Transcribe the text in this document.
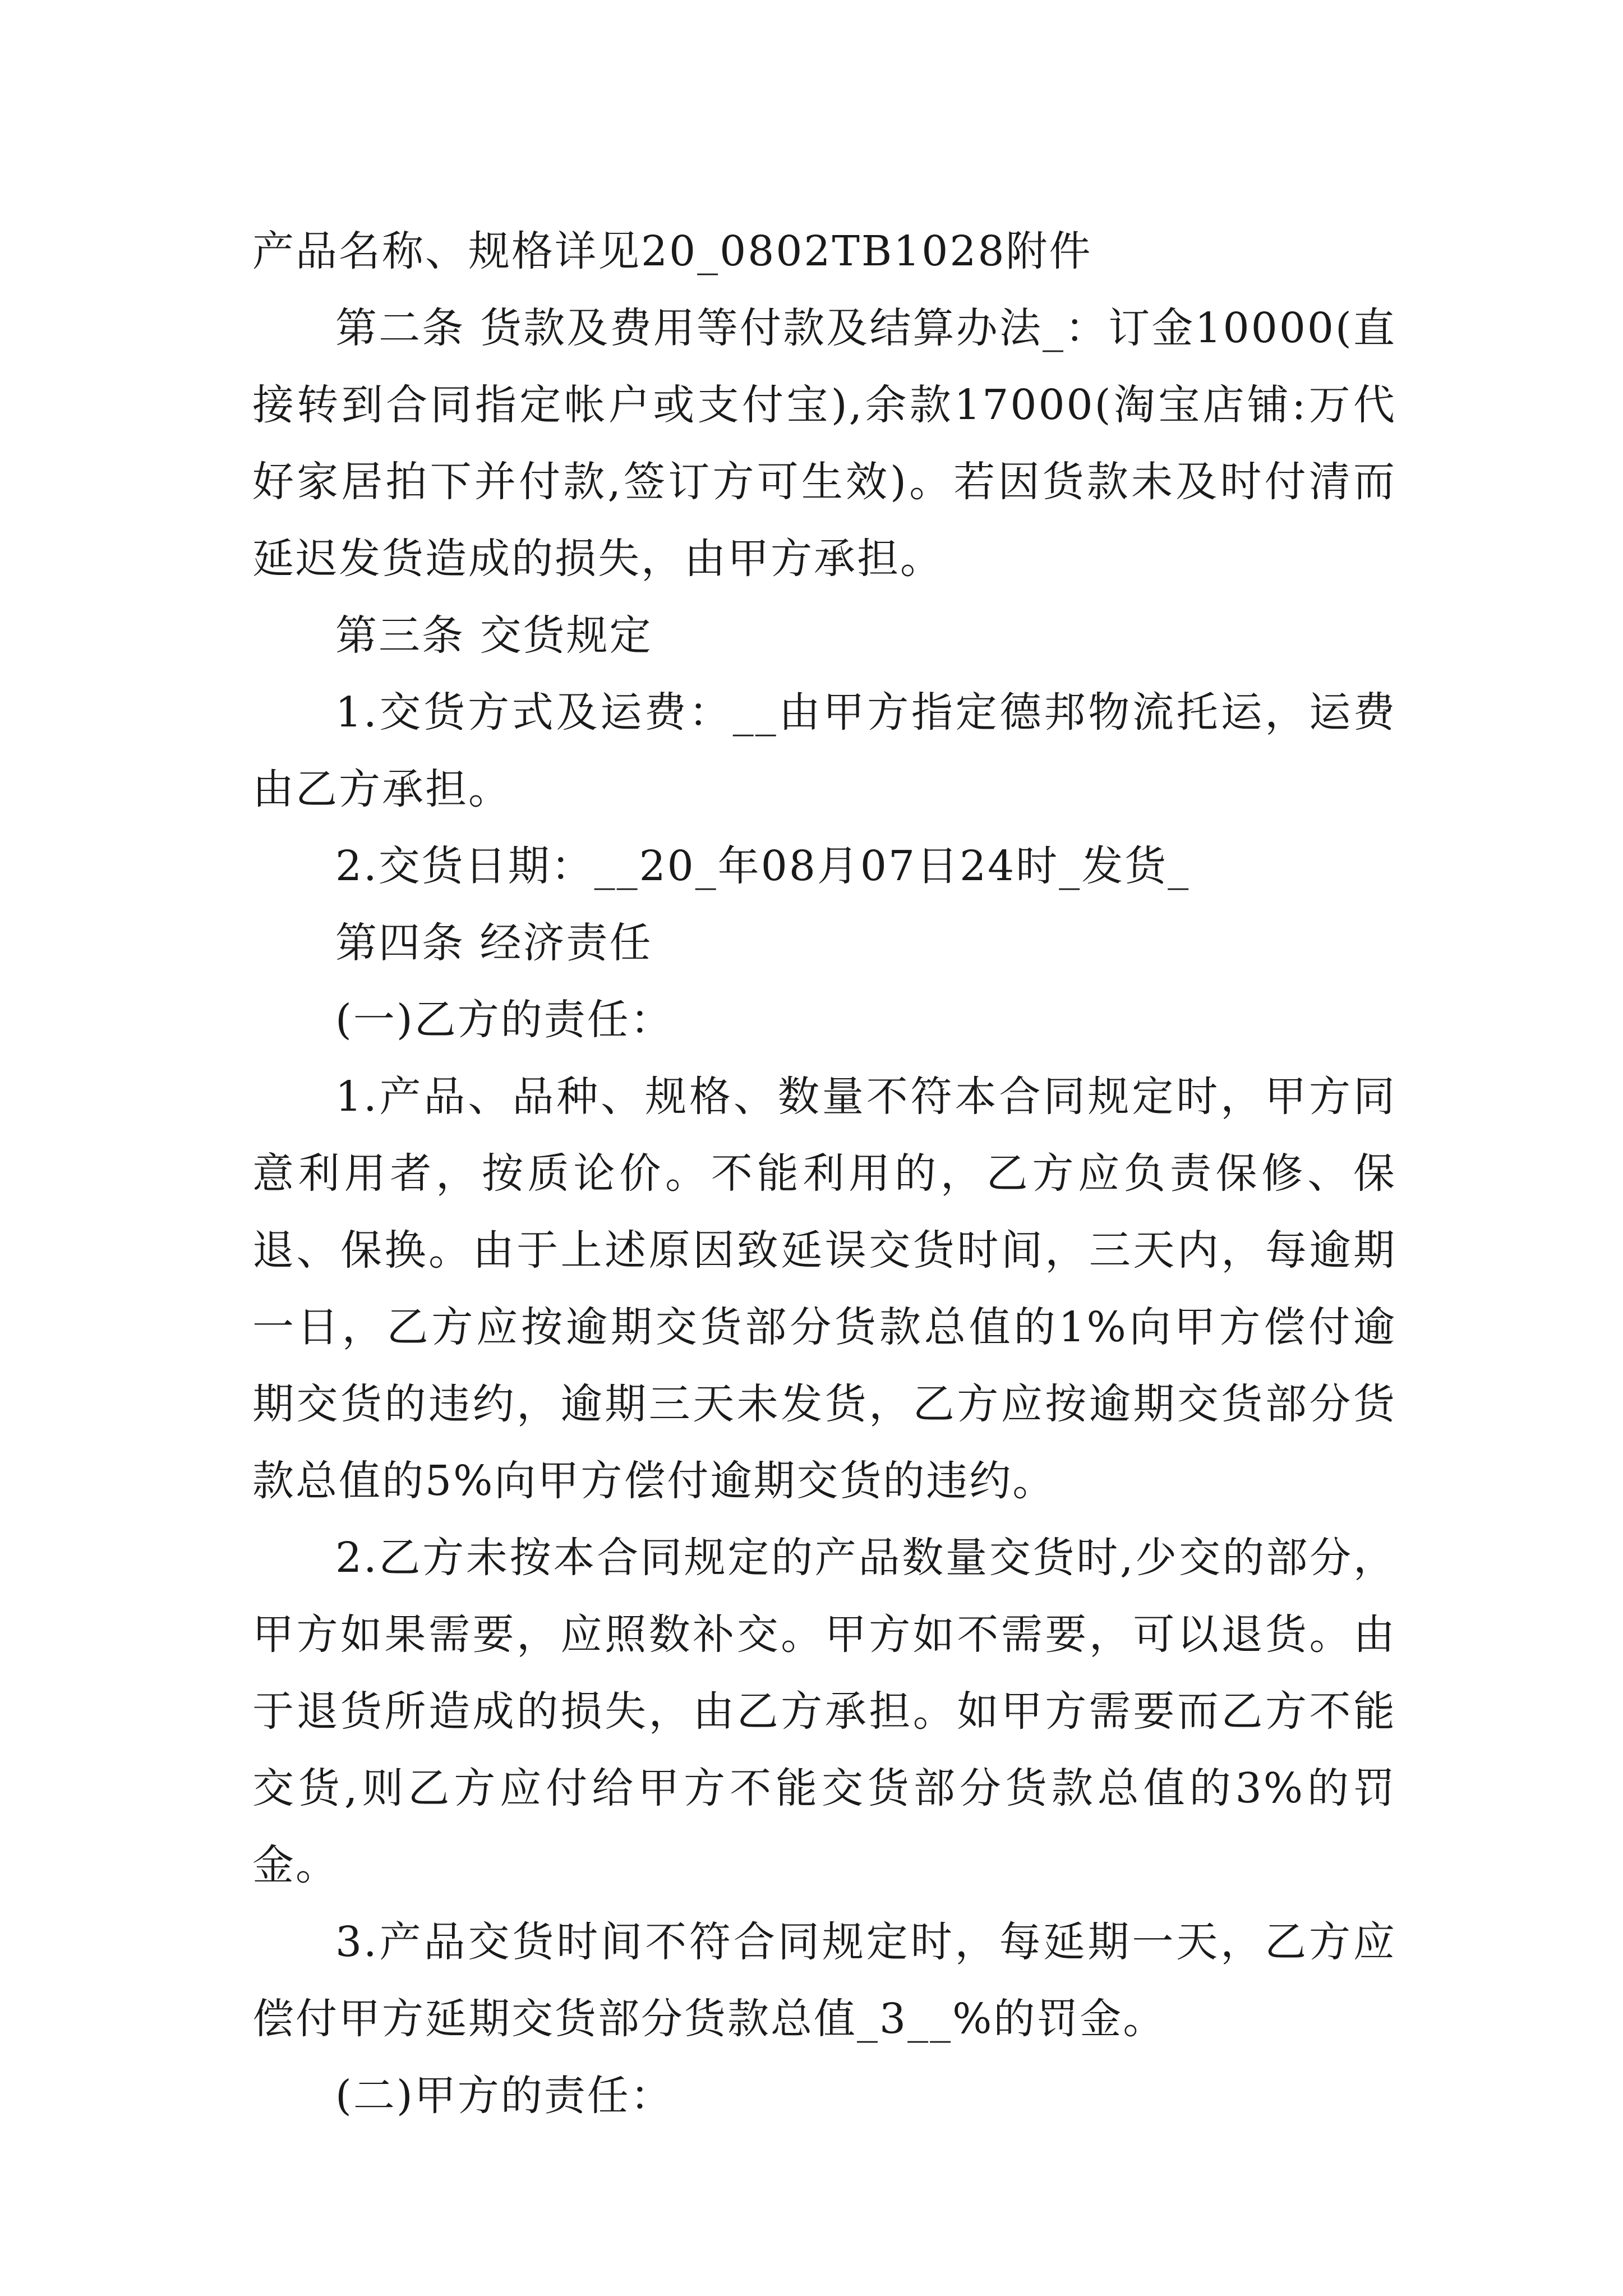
产品名称、规格详见20_0802TB1028附件

第二条 货款及费用等付款及结算办法_：订金10000(直接转到合同指定帐户或支付宝),余款17000(淘宝店铺:万代好家居拍下并付款,签订方可生效)。若因货款未及时付清而延迟发货造成的损失，由甲方承担。

第三条 交货规定

1.交货方式及运费：__由甲方指定德邦物流托运，运费由乙方承担。

2.交货日期：__20_年08月07日24时_发货_

第四条 经济责任

(一)乙方的责任：

1.产品、品种、规格、数量不符本合同规定时，甲方同意利用者，按质论价。不能利用的，乙方应负责保修、保退、保换。由于上述原因致延误交货时间，三天内，每逾期一日，乙方应按逾期交货部分货款总值的1%向甲方偿付逾期交货的违约，逾期三天未发货，乙方应按逾期交货部分货款总值的5%向甲方偿付逾期交货的违约。

2.乙方未按本合同规定的产品数量交货时,少交的部分，甲方如果需要，应照数补交。甲方如不需要，可以退货。由于退货所造成的损失，由乙方承担。如甲方需要而乙方不能交货,则乙方应付给甲方不能交货部分货款总值的3%的罚金。

3.产品交货时间不符合同规定时，每延期一天，乙方应偿付甲方延期交货部分货款总值_3__%的罚金。

(二)甲方的责任：
